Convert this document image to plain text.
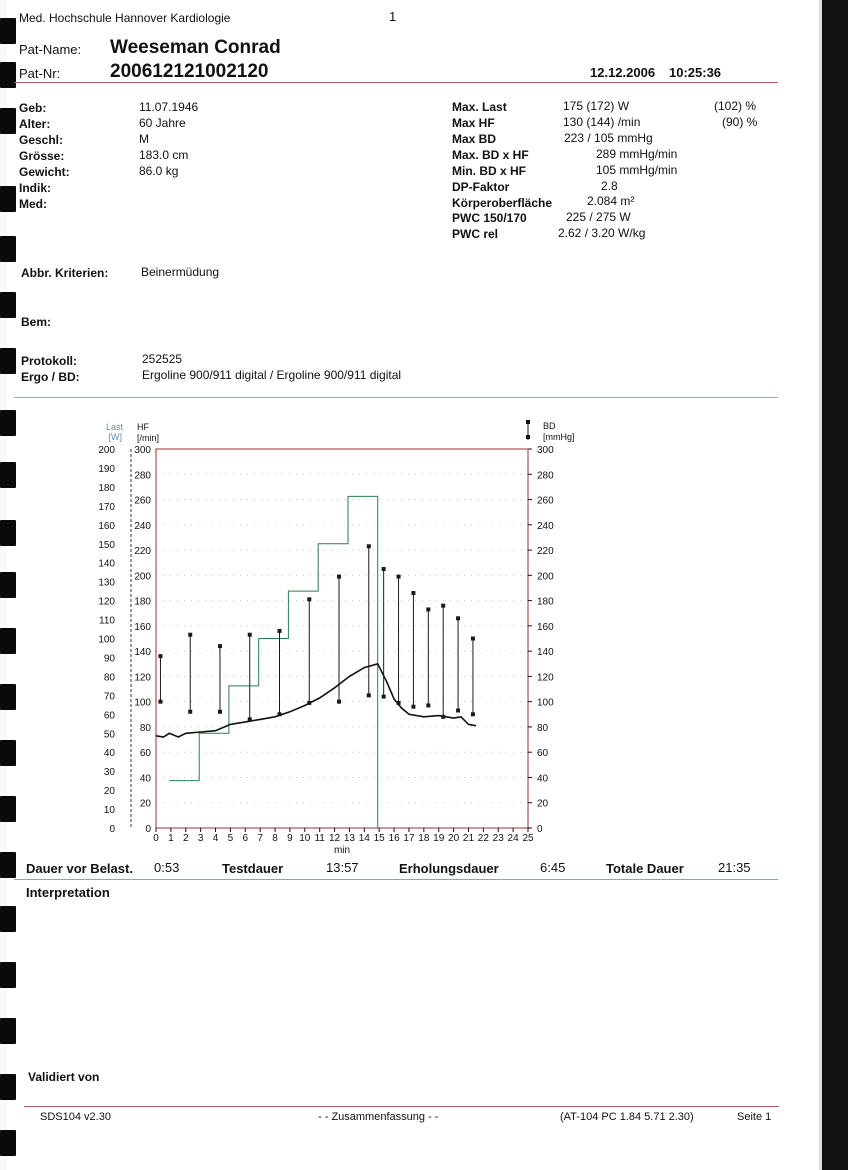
Med. Hochschule Hannover Kardiologie	1
Pat-Name: Weeseman Conrad
Pat-Nr:	200612121002120	12.12.2006 10:25:36
Geb:	11.07.1946
Alter:	60 Jahre
Geschl:	M
Grösse:	183.0 cm
Gewicht:	86.0 kg
Indik:
Med:
Max. Last	175 (172) W	(102) %
Max HF	130 (144) /min	(90) %
Max BD	223 / 105 mmHg
Max. BD x HF	289 mmHg/min
Min. BD x HF	105 mmHg/min
DP-Faktor	2.8
Körperoberfläche	2.084 m²
PWC 150/170	225 / 275 W
PWC rel	2.62 / 3.20 W/kg
Abbr. Kriterien:	Beinermüdung
Bem:
Protokoll:	252525
Ergo / BD:	Ergoline 900/911 digital / Ergoline 900/911 digital
Last
[W]
0
10
20
30
40
50
60
70
80
90
100
110
120
130
140
150
160
170
180
190
200
HF
[/min]
0
20
40
60
80
100
120
140
160
180
200
220
240
260
280
300
BD
[mmHg]
0
20
40
60
80
100
120
140
160
180
200
220
240
260
280
300
0 1 2 3 4 5 6 7 8 9 10 11 12 13 14 15 16 17 18 19 20 21 22 23 24 25
min
Dauer vor Belast. 0:53	Testdauer	13:57	Erholungsdauer	6:45	Totale Dauer	21:35
Interpretation
Validiert von
SDS104 v2.30	- - Zusammenfassung - -	(AT-104 PC 1.84 5.71 2.30)	Seite 1
